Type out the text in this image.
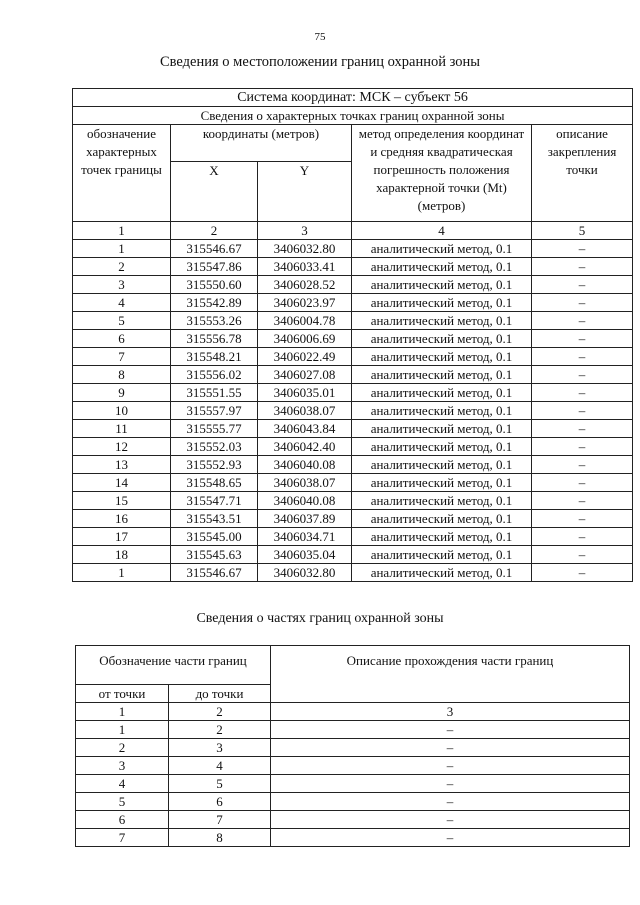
75
Сведения о местоположении границ охранной зоны
Система координат: МСК – субъект 56				
Сведения о характерных точках границ охранной зоны				
обозначение характерных точек границы	координаты (метров)		метод определения координат и средняя квадратическая погрешность положения характерной точки (Mt) (метров)	описание закрепления точки
	X	Y		
1	2	3	4	5
1	315546.67	3406032.80	аналитический метод, 0.1	–
2	315547.86	3406033.41	аналитический метод, 0.1	–
3	315550.60	3406028.52	аналитический метод, 0.1	–
4	315542.89	3406023.97	аналитический метод, 0.1	–
5	315553.26	3406004.78	аналитический метод, 0.1	–
6	315556.78	3406006.69	аналитический метод, 0.1	–
7	315548.21	3406022.49	аналитический метод, 0.1	–
8	315556.02	3406027.08	аналитический метод, 0.1	–
9	315551.55	3406035.01	аналитический метод, 0.1	–
10	315557.97	3406038.07	аналитический метод, 0.1	–
11	315555.77	3406043.84	аналитический метод, 0.1	–
12	315552.03	3406042.40	аналитический метод, 0.1	–
13	315552.93	3406040.08	аналитический метод, 0.1	–
14	315548.65	3406038.07	аналитический метод, 0.1	–
15	315547.71	3406040.08	аналитический метод, 0.1	–
16	315543.51	3406037.89	аналитический метод, 0.1	–
17	315545.00	3406034.71	аналитический метод, 0.1	–
18	315545.63	3406035.04	аналитический метод, 0.1	–
1	315546.67	3406032.80	аналитический метод, 0.1	–
Сведения о частях границ охранной зоны
Обозначение части границ		Описание прохождения части границ
от точки	до точки	
1	2	3
1	2	–
2	3	–
3	4	–
4	5	–
5	6	–
6	7	–
7	8	–
